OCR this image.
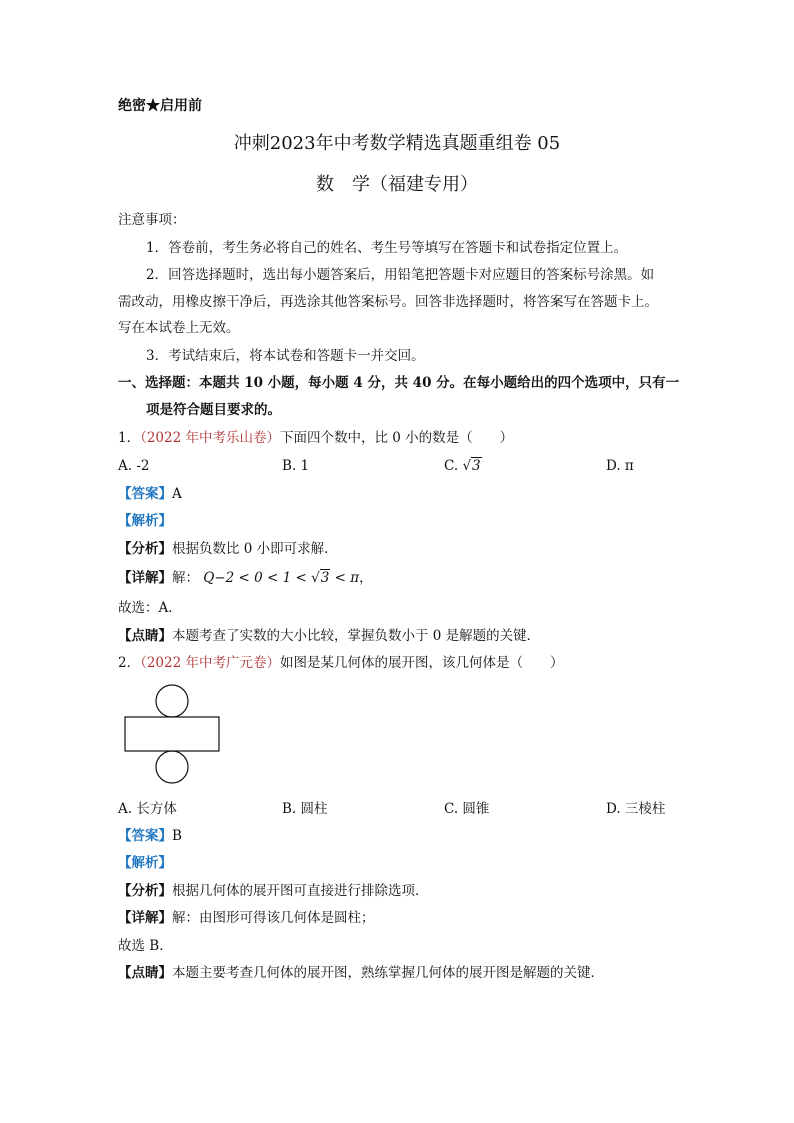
绝密★启用前
冲刺2023年中考数学精选真题重组卷 05
数　学（福建专用）
注意事项：
1．答卷前，考生务必将自己的姓名、考生号等填写在答题卡和试卷指定位置上。
2．回答选择题时，选出每小题答案后，用铅笔把答题卡对应题目的答案标号涂黑。如
需改动，用橡皮擦干净后，再选涂其他答案标号。回答非选择题时，将答案写在答题卡上。
写在本试卷上无效。
3．考试结束后，将本试卷和答题卡一并交回。
一、选择题：本题共 10 小题，每小题 4 分，共 40 分。在每小题给出的四个选项中，只有一
项是符合题目要求的。
1．（2022 年中考乐山卷）下面四个数中，比 0 小的数是（　　）
A. -2	B. 1	C. √3	D. π
【答案】A
【解析】
【分析】根据负数比 0 小即可求解．
【详解】解： Q−2 < 0 < 1 < √3 < π，
故选：A．
【点睛】本题考查了实数的大小比较，掌握负数小于 0 是解题的关键．
2．（2022 年中考广元卷）如图是某几何体的展开图，该几何体是（　　）
A. 长方体	B. 圆柱	C. 圆锥	D. 三棱柱
【答案】B
【解析】
【分析】根据几何体的展开图可直接进行排除选项．
【详解】解：由图形可得该几何体是圆柱；
故选 B．
【点睛】本题主要考查几何体的展开图，熟练掌握几何体的展开图是解题的关键．
